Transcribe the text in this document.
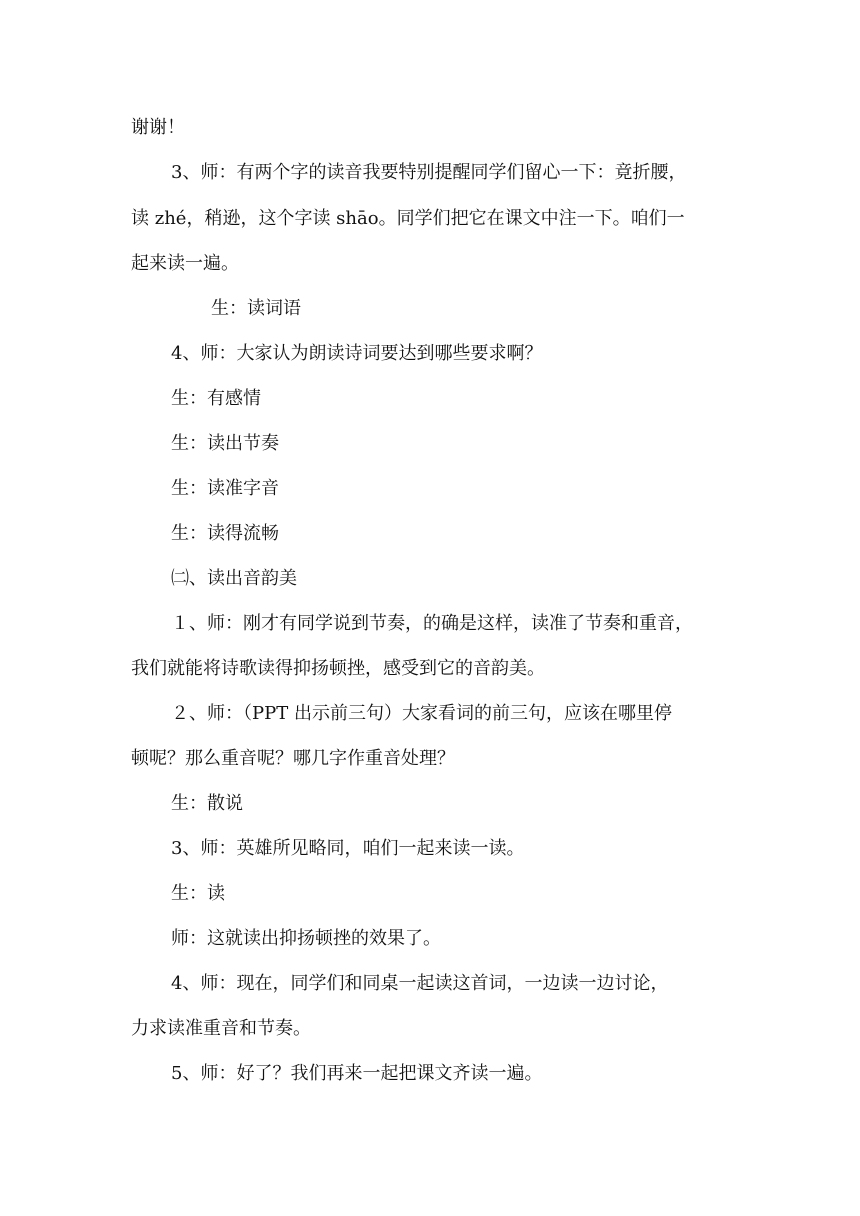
谢谢！
3、师：有两个字的读音我要特别提醒同学们留心一下：竟折腰，
读 zhé，稍逊，这个字读 shāo。同学们把它在课文中注一下。咱们一
起来读一遍。
生：读词语
4、师：大家认为朗读诗词要达到哪些要求啊？
生：有感情
生：读出节奏
生：读准字音
生：读得流畅
㈡、读出音韵美
１、师：刚才有同学说到节奏，的确是这样，读准了节奏和重音，
我们就能将诗歌读得抑扬顿挫，感受到它的音韵美。
２、师：（PPT 出示前三句）大家看词的前三句，应该在哪里停
顿呢？那么重音呢？哪几字作重音处理？
生：散说
3、师：英雄所见略同，咱们一起来读一读。
生：读
师：这就读出抑扬顿挫的效果了。
4、师：现在，同学们和同桌一起读这首词，一边读一边讨论，
力求读准重音和节奏。
5、师：好了？我们再来一起把课文齐读一遍。
